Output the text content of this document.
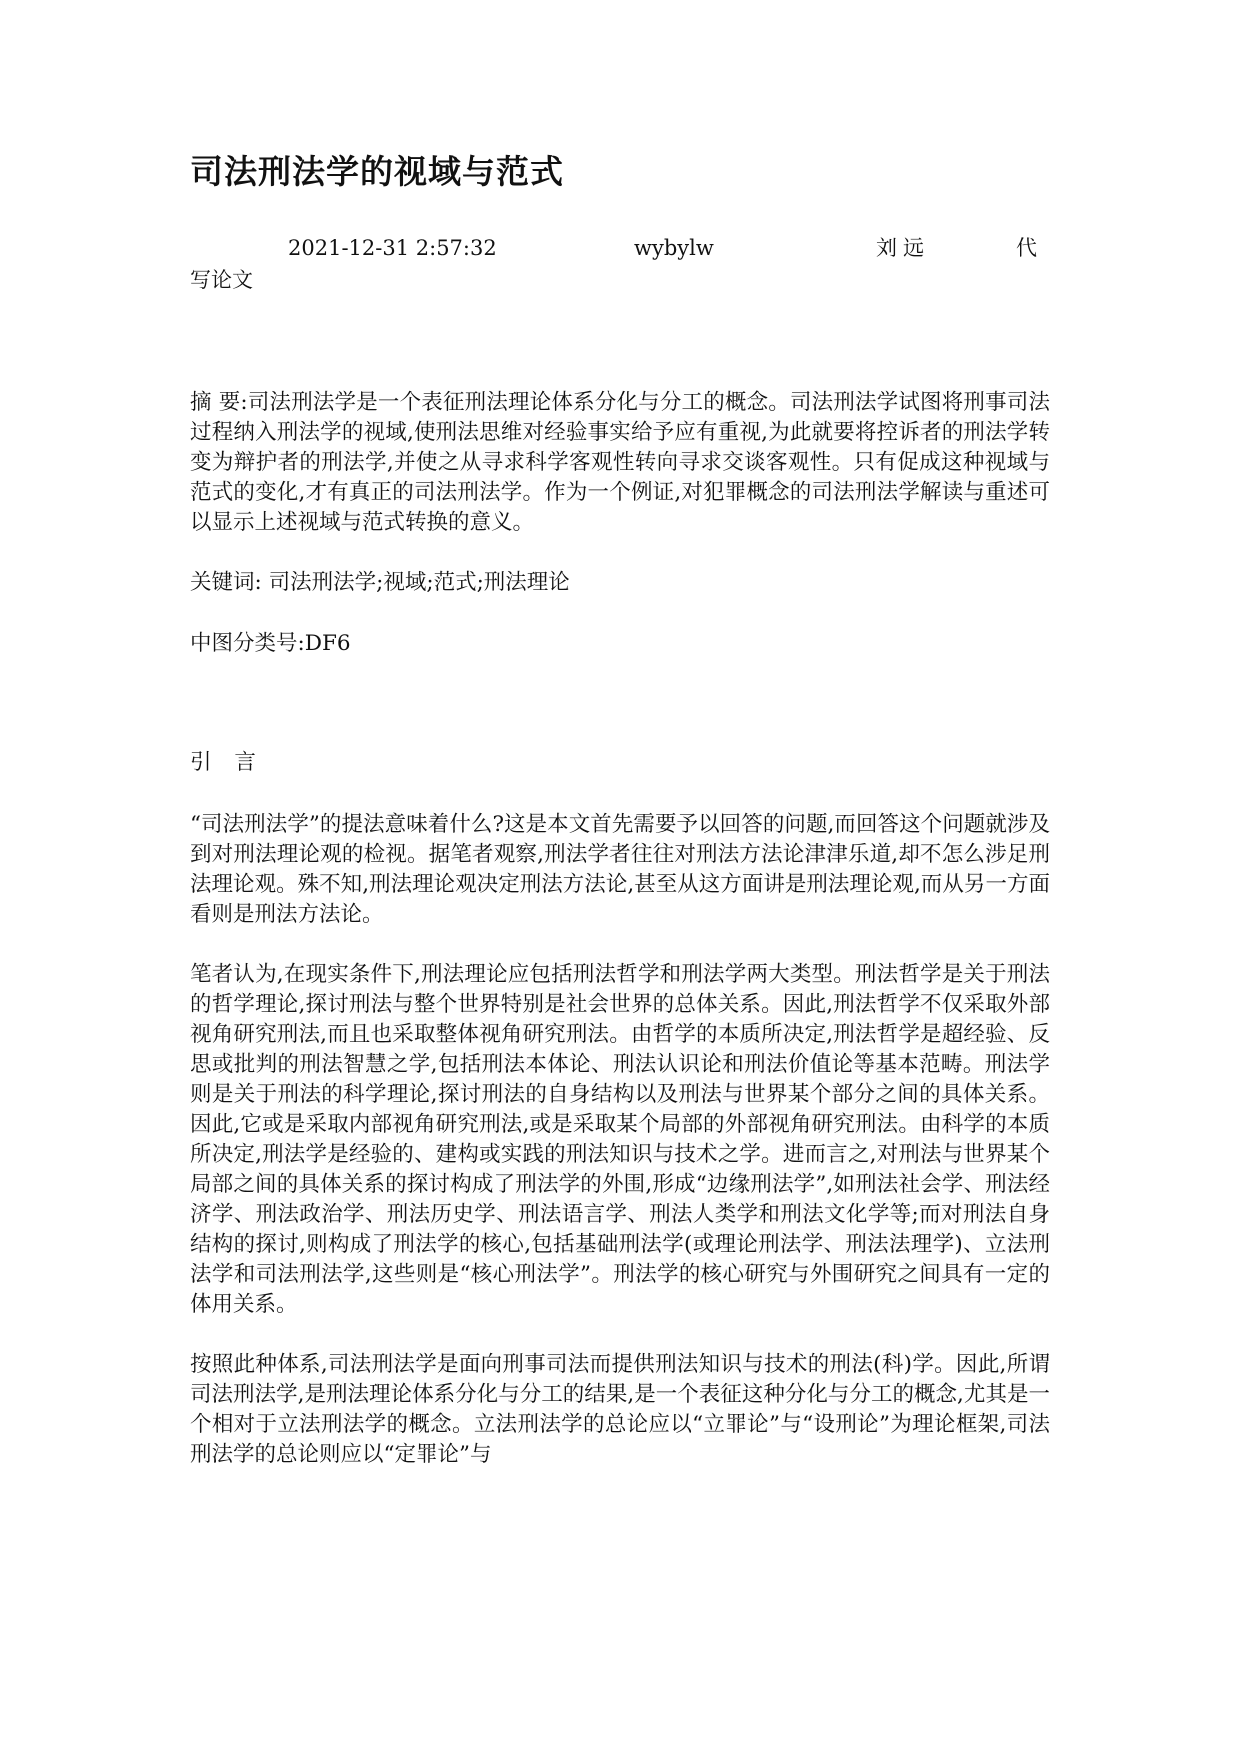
司法刑法学的视域与范式
2021-12-31 2:57:32	wybylw	刘远	代
写论文

摘 要:司法刑法学是一个表征刑法理论体系分化与分工的概念。司法刑法学试图将刑事司法过程纳入刑法学的视域,使刑法思维对经验事实给予应有重视,为此就要将控诉者的刑法学转变为辩护者的刑法学,并使之从寻求科学客观性转向寻求交谈客观性。只有促成这种视域与范式的变化,才有真正的司法刑法学。作为一个例证,对犯罪概念的司法刑法学解读与重述可以显示上述视域与范式转换的意义。

关键词: 司法刑法学;视域;范式;刑法理论

中图分类号:DF6

引 言

“司法刑法学”的提法意味着什么?这是本文首先需要予以回答的问题,而回答这个问题就涉及到对刑法理论观的检视。据笔者观察,刑法学者往往对刑法方法论津津乐道,却不怎么涉足刑法理论观。殊不知,刑法理论观决定刑法方法论,甚至从这方面讲是刑法理论观,而从另一方面看则是刑法方法论。

笔者认为,在现实条件下,刑法理论应包括刑法哲学和刑法学两大类型。刑法哲学是关于刑法的哲学理论,探讨刑法与整个世界特别是社会世界的总体关系。因此,刑法哲学不仅采取外部视角研究刑法,而且也采取整体视角研究刑法。由哲学的本质所决定,刑法哲学是超经验、反思或批判的刑法智慧之学,包括刑法本体论、刑法认识论和刑法价值论等基本范畴。刑法学则是关于刑法的科学理论,探讨刑法的自身结构以及刑法与世界某个部分之间的具体关系。因此,它或是采取内部视角研究刑法,或是采取某个局部的外部视角研究刑法。由科学的本质所决定,刑法学是经验的、建构或实践的刑法知识与技术之学。进而言之,对刑法与世界某个局部之间的具体关系的探讨构成了刑法学的外围,形成“边缘刑法学”,如刑法社会学、刑法经济学、刑法政治学、刑法历史学、刑法语言学、刑法人类学和刑法文化学等;而对刑法自身结构的探讨,则构成了刑法学的核心,包括基础刑法学(或理论刑法学、刑法法理学)、立法刑法学和司法刑法学,这些则是“核心刑法学”。刑法学的核心研究与外围研究之间具有一定的体用关系。

按照此种体系,司法刑法学是面向刑事司法而提供刑法知识与技术的刑法(科)学。因此,所谓司法刑法学,是刑法理论体系分化与分工的结果,是一个表征这种分化与分工的概念,尤其是一个相对于立法刑法学的概念。立法刑法学的总论应以“立罪论”与“设刑论”为理论框架,司法刑法学的总论则应以“定罪论”与
